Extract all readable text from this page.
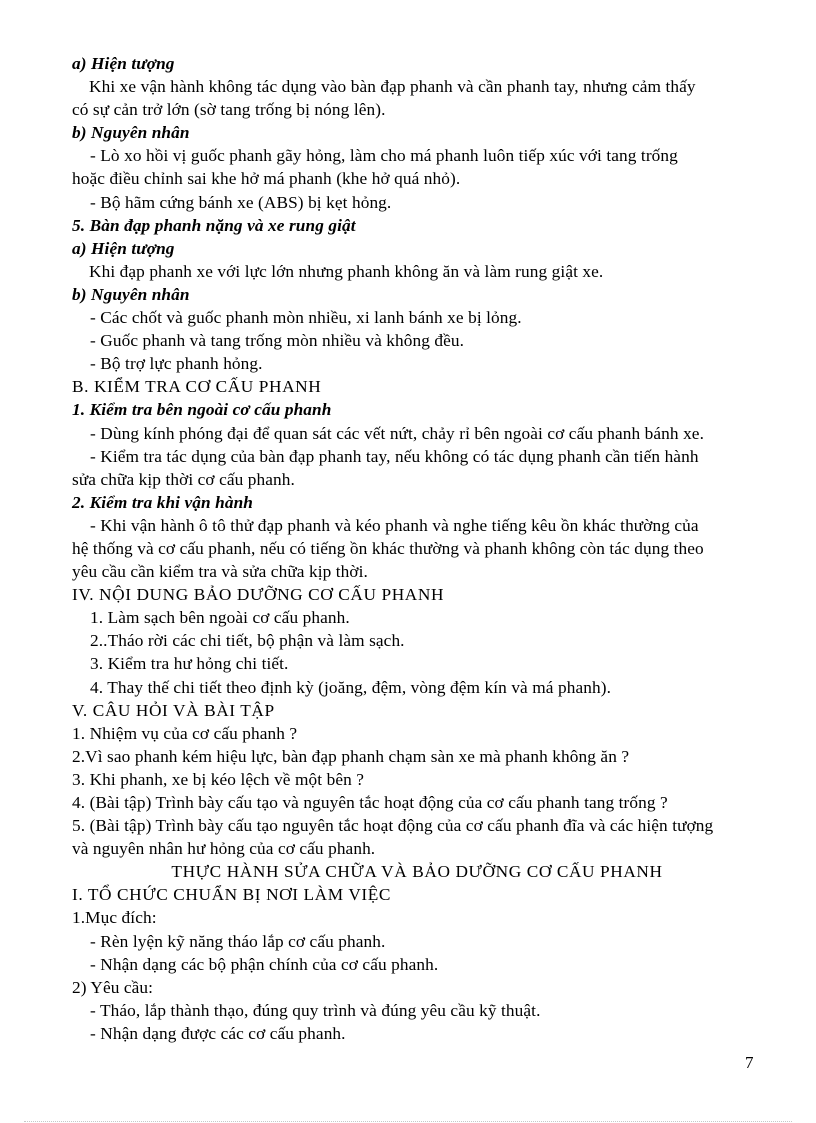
a) Hiện tượng
Khi xe vận hành không tác dụng vào bàn đạp phanh và cần phanh tay, nhưng cảm thấy
có sự cản trở lớn (sờ tang trống bị nóng lên).
b) Nguyên nhân
- Lò xo hồi vị guốc phanh gãy hỏng, làm cho má phanh luôn tiếp xúc với tang trống
hoặc điều chỉnh sai khe hở má phanh (khe hở quá nhỏ).
- Bộ hãm cứng bánh xe (ABS) bị kẹt hỏng.
5. Bàn đạp phanh nặng và xe rung giật
a) Hiện tượng
Khi đạp phanh xe với lực lớn nhưng phanh không ăn và làm rung giật xe.
b) Nguyên nhân
- Các chốt và guốc phanh mòn nhiều, xi lanh bánh xe bị lỏng.
- Guốc phanh và tang trống mòn nhiều và không đều.
- Bộ trợ lực phanh hỏng.
B. KIỂM TRA CƠ CẤU PHANH
1. Kiểm tra bên ngoài cơ cấu phanh
- Dùng kính phóng đại để quan sát các vết nứt, chảy rỉ bên ngoài cơ cấu phanh bánh xe.
- Kiểm tra tác dụng của bàn đạp phanh tay, nếu không có tác dụng phanh cần tiến hành
sửa chữa kịp thời cơ cấu phanh.
2. Kiểm tra khi vận hành
- Khi vận hành ô tô thử đạp phanh và kéo phanh và nghe tiếng kêu ồn khác thường của
hệ thống và cơ cấu phanh, nếu có tiếng ồn khác thường và phanh không còn tác dụng theo
yêu cầu cần kiểm tra và sửa chữa kịp thời.
IV. NỘI DUNG BẢO DƯỠNG CƠ CẤU PHANH
1. Làm sạch bên ngoài cơ cấu phanh.
2..Tháo rời các chi tiết, bộ phận và làm sạch.
3. Kiểm tra hư hỏng chi tiết.
4. Thay thế chi tiết theo định kỳ (joăng, đệm, vòng đệm kín và má phanh).
V. CÂU HỎI VÀ BÀI TẬP
1. Nhiệm vụ của cơ cấu phanh ?
2.Vì sao phanh kém hiệu lực, bàn đạp phanh chạm sàn xe mà phanh không ăn ?
3. Khi phanh, xe bị kéo lệch về một bên ?
4. (Bài tập) Trình bày cấu tạo và nguyên tắc hoạt động của cơ cấu phanh tang trống ?
5. (Bài tập) Trình bày cấu tạo nguyên tắc hoạt động của cơ cấu phanh đĩa và các hiện tượng
và nguyên nhân hư hỏng của cơ cấu phanh.
THỰC HÀNH SỬA CHỮA VÀ BẢO DƯỠNG CƠ CẤU PHANH
I. TỔ CHỨC CHUẨN BỊ NƠI LÀM VIỆC
1.Mục đích:
- Rèn lyện kỹ năng tháo lắp cơ cấu phanh.
- Nhận dạng các bộ phận chính của cơ cấu phanh.
2) Yêu cầu:
- Tháo, lắp thành thạo, đúng quy trình và đúng yêu cầu kỹ thuật.
- Nhận dạng được các cơ cấu phanh.
7
